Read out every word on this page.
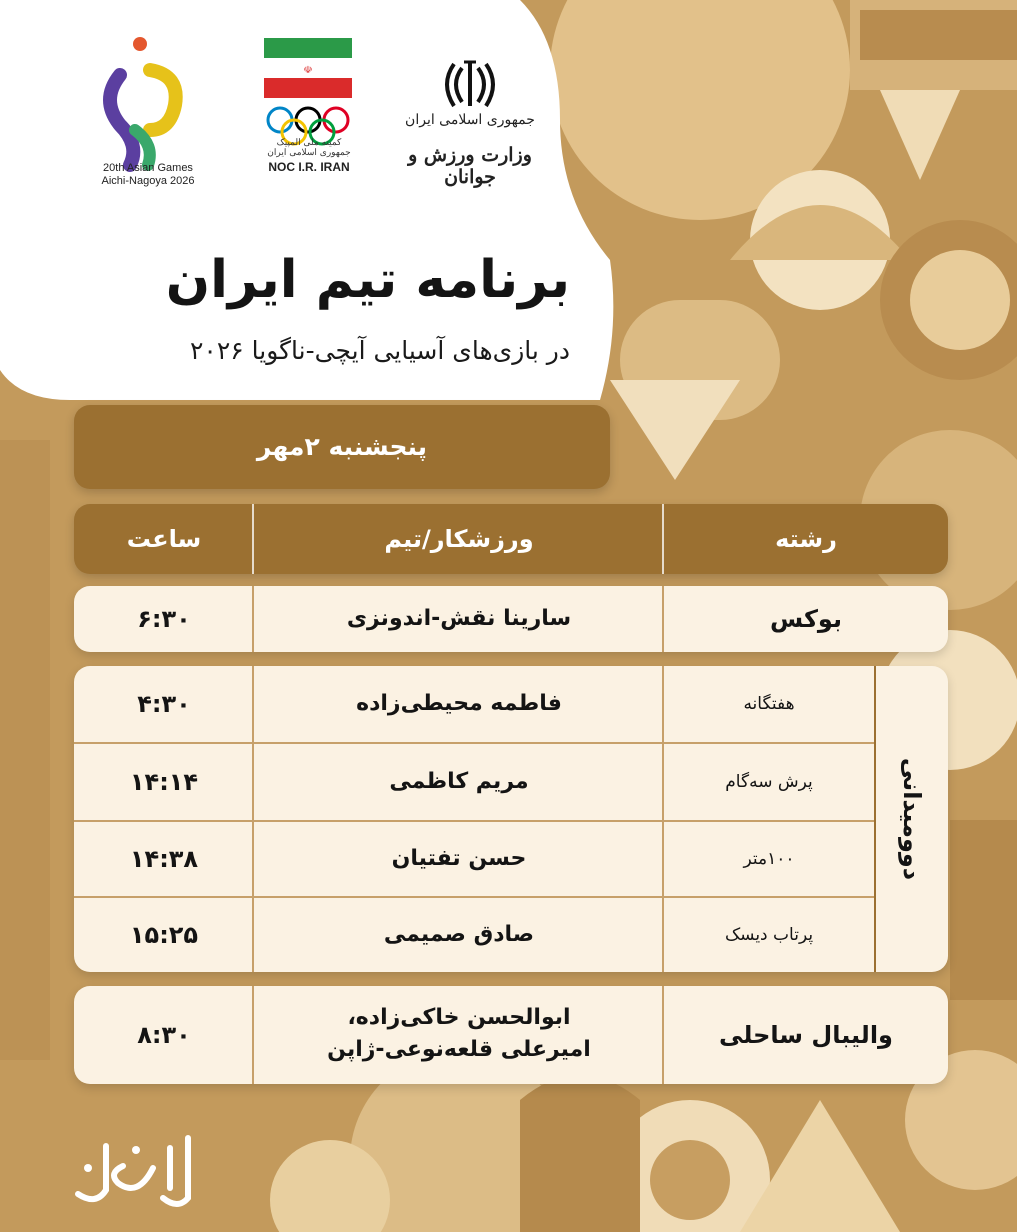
20th Asian Games
Aichi-Nagoya 2026
☫
کمیته ملی المپیک جمهوری اسلامی ایران
NOC I.R. IRAN
جمهوری اسلامی ایران
وزارت ورزش و جوانان
برنامه تیم ایران
در بازی‌های آسیایی آیچی-ناگویا ۲۰۲۶
پنجشنبه ۲مهر
رشته
ورزشکار/تیم
ساعت
بوکس
سارینا نقش-اندونزی
۶:۳۰
هفتگانه
فاطمه محیطی‌زاده
۴:۳۰
پرش سه‌گام
مریم کاظمی
۱۴:۱۴
۱۰۰متر
حسن تفتیان
۱۴:۳۸
پرتاب دیسک
صادق صمیمی
۱۵:۲۵
دوومیدانی
والیبال ساحلی
ابوالحسن خاکی‌زاده،
امیرعلی قلعه‌نوعی-ژاپن
۸:۳۰
